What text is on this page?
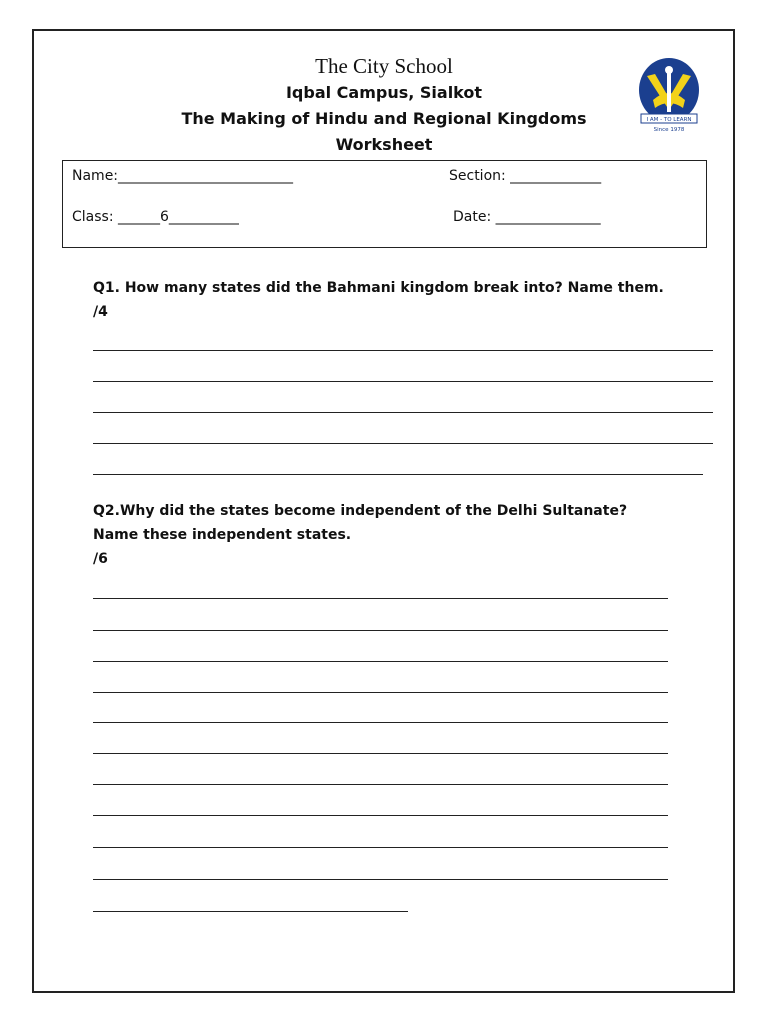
The City School
Iqbal Campus, Sialkot
The Making of Hindu and Regional Kingdoms
Worksheet
I AM - TO LEARN
Since 1978
Name:_________________________	Section: _____________
Class: ______6__________	Date: _______________
Q1. How many states did the Bahmani kingdom break into? Name them.
/4
Q2.Why did the states become independent of the Delhi Sultanate? Name these independent states.
/6
